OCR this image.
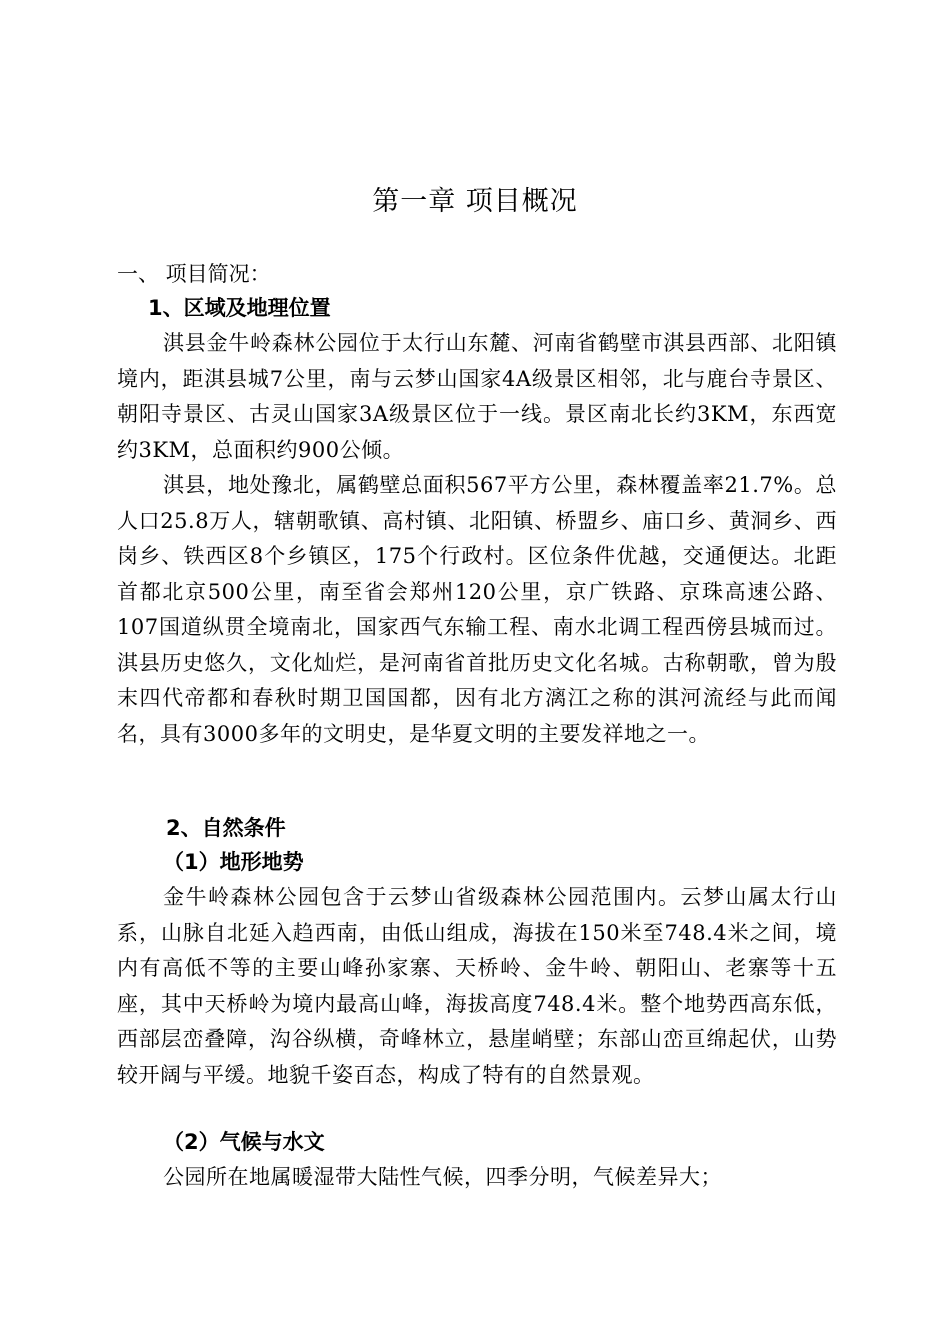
第一章 项目概况
一、 项目简况：
1、区域及地理位置

淇县金牛岭森林公园位于太行山东麓、河南省鹤壁市淇县西部、北阳镇境内，距淇县城7公里，南与云梦山国家4A级景区相邻，北与鹿台寺景区、朝阳寺景区、古灵山国家3A级景区位于一线。景区南北长约3KM，东西宽约3KM，总面积约900公倾。

淇县，地处豫北，属鹤壁总面积567平方公里，森林覆盖率21.7%。总人口25.8万人，辖朝歌镇、高村镇、北阳镇、桥盟乡、庙口乡、黄洞乡、西岗乡、铁西区8个乡镇区，175个行政村。区位条件优越，交通便达。北距首都北京500公里，南至省会郑州120公里，京广铁路、京珠高速公路、107国道纵贯全境南北，国家西气东输工程、南水北调工程西傍县城而过。淇县历史悠久，文化灿烂，是河南省首批历史文化名城。古称朝歌，曾为殷末四代帝都和春秋时期卫国国都，因有北方漓江之称的淇河流经与此而闻名，具有3000多年的文明史，是华夏文明的主要发祥地之一。

2、自然条件
（1）地形地势

金牛岭森林公园包含于云梦山省级森林公园范围内。云梦山属太行山系，山脉自北延入趋西南，由低山组成，海拔在150米至748.4米之间，境内有高低不等的主要山峰孙家寨、天桥岭、金牛岭、朝阳山、老寨等十五座，其中天桥岭为境内最高山峰，海拔高度748.4米。整个地势西高东低，西部层峦叠障，沟谷纵横，奇峰林立，悬崖峭壁；东部山峦亘绵起伏，山势较开阔与平缓。地貌千姿百态，构成了特有的自然景观。

（2）气候与水文

公园所在地属暖湿带大陆性气候，四季分明，气候差异大；
